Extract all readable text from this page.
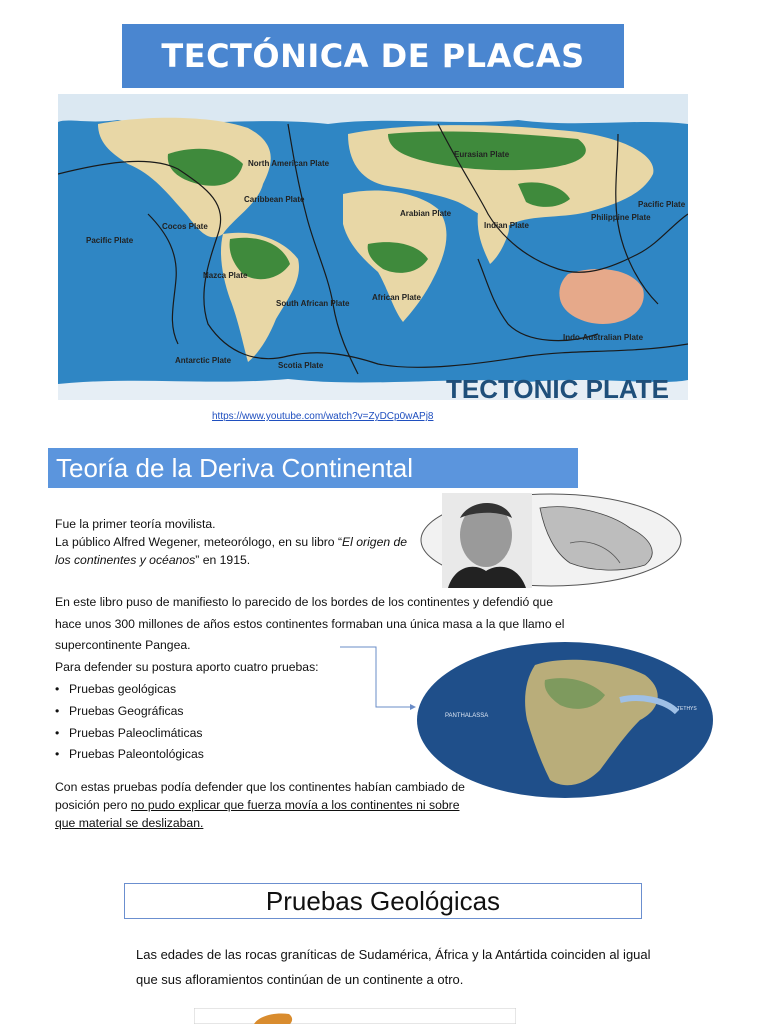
TECTÓNICA DE PLACAS
North American Plate
Caribbean Plate
Eurasian Plate
Pacific Plate
Cocos Plate
Arabian Plate
Indian Plate
Philippine Plate
Nazca Plate
South African Plate
African Plate
Indo-Australian Plate
Antarctic Plate
Scotia Plate
Pacific Plate
TECTONIC PLATE
https://www.youtube.com/watch?v=ZyDCp0wAPj8
Teoría de la Deriva Continental
Fue la primer teoría movilista.
La público Alfred Wegener, meteorólogo, en su libro “El origen de los continentes y océanos” en 1915.
En este libro puso de manifiesto lo parecido de los bordes de los continentes y defendió que hace unos 300 millones de años estos continentes formaban una única masa a la que llamo el supercontinente Pangea.
Para defender su postura aporto cuatro pruebas:
• Pruebas geológicas
• Pruebas Geográficas
• Pruebas Paleoclimáticas
• Pruebas Paleontológicas
PANTHALASSA
TETHYS
Con estas pruebas podía defender que los continentes habían cambiado de posición pero no pudo explicar que fuerza movía a los continentes ni sobre que material se deslizaban.
Pruebas Geológicas
Las edades de las rocas graníticas de Sudamérica, África y la Antártida coinciden al igual que sus afloramientos continúan de un continente a otro.
